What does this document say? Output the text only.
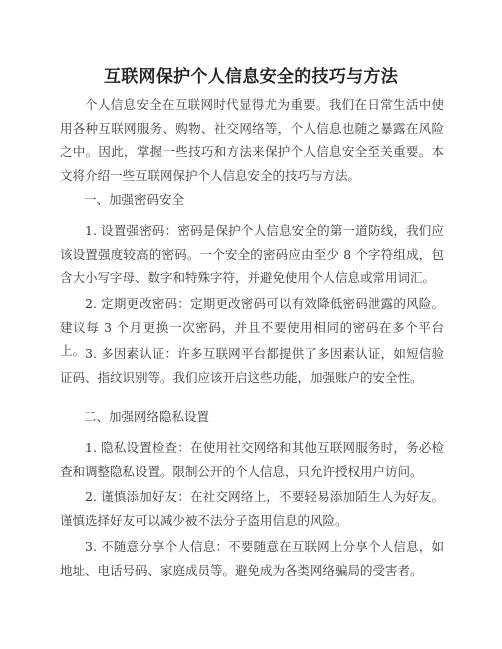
互联网保护个人信息安全的技巧与方法

个人信息安全在互联网时代显得尤为重要。我们在日常生活中使用各种互联网服务、购物、社交网络等，个人信息也随之暴露在风险之中。因此，掌握一些技巧和方法来保护个人信息安全至关重要。本文将介绍一些互联网保护个人信息安全的技巧与方法。

一、加强密码安全

1. 设置强密码：密码是保护个人信息安全的第一道防线，我们应该设置强度较高的密码。一个安全的密码应由至少 8 个字符组成，包含大小写字母、数字和特殊字符，并避免使用个人信息或常用词汇。

2. 定期更改密码：定期更改密码可以有效降低密码泄露的风险。建议每 3 个月更换一次密码，并且不要使用相同的密码在多个平台上。 3. 多因素认证：许多互联网平台都提供了多因素认证，如短信验证码、指纹识别等。我们应该开启这些功能，加强账户的安全性。

二、加强网络隐私设置

1. 隐私设置检查：在使用社交网络和其他互联网服务时，务必检查和调整隐私设置。限制公开的个人信息，只允许授权用户访问。

2. 谨慎添加好友：在社交网络上，不要轻易添加陌生人为好友。谨慎选择好友可以减少被不法分子盗用信息的风险。

3. 不随意分享个人信息：不要随意在互联网上分享个人信息，如地址、电话号码、家庭成员等。避免成为各类网络骗局的受害者。
